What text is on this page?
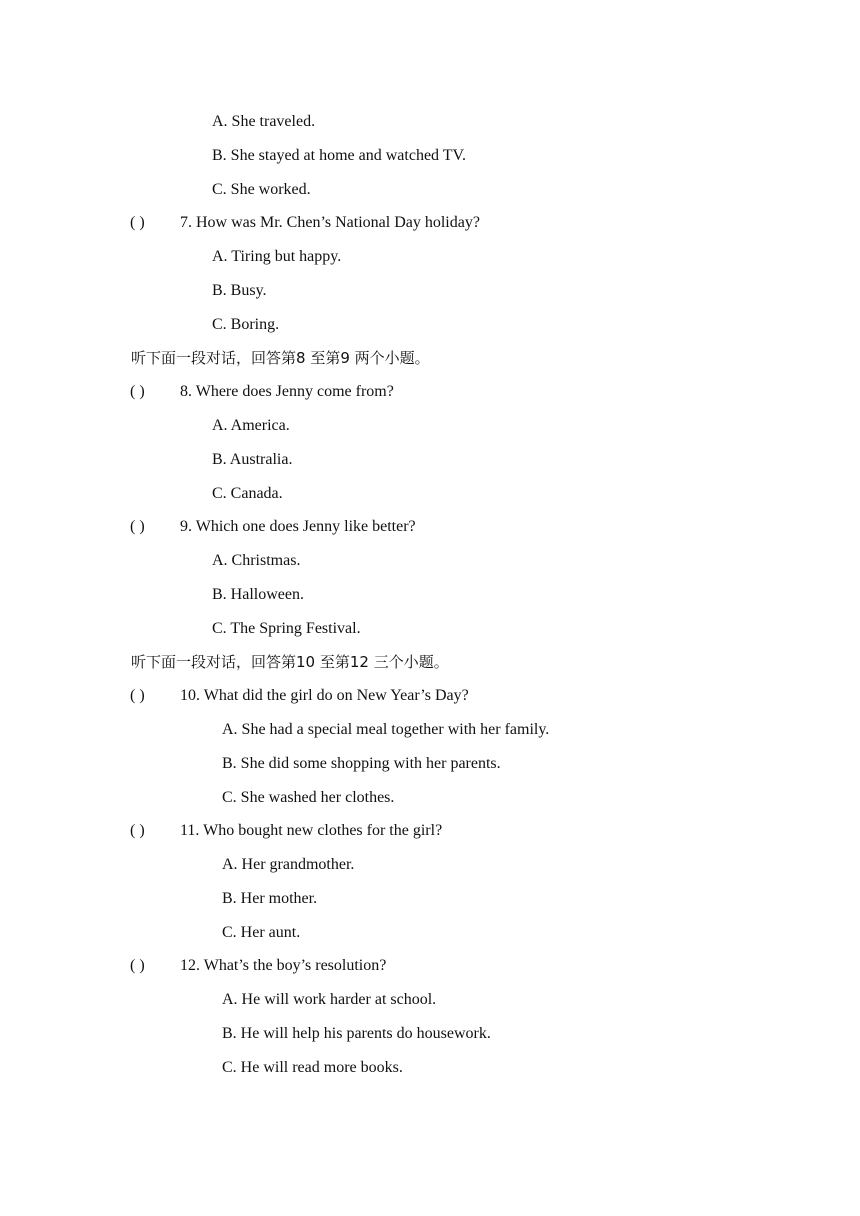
A. She traveled.
B. She stayed at home and watched TV.
C. She worked.
( ) 7. How was Mr. Chen’s National Day holiday?
A. Tiring but happy.
B. Busy.
C. Boring.
听下面一段对话，回答第8 至第9 两个小题。
( ) 8. Where does Jenny come from?
A. America.
B. Australia.
C. Canada.
( ) 9. Which one does Jenny like better?
A. Christmas.
B. Halloween.
C. The Spring Festival.
听下面一段对话，回答第10 至第12 三个小题。
( ) 10. What did the girl do on New Year’s Day?
A. She had a special meal together with her family.
B. She did some shopping with her parents.
C. She washed her clothes.
( ) 11. Who bought new clothes for the girl?
A. Her grandmother.
B. Her mother.
C. Her aunt.
( ) 12. What’s the boy’s resolution?
A. He will work harder at school.
B. He will help his parents do housework.
C. He will read more books.
